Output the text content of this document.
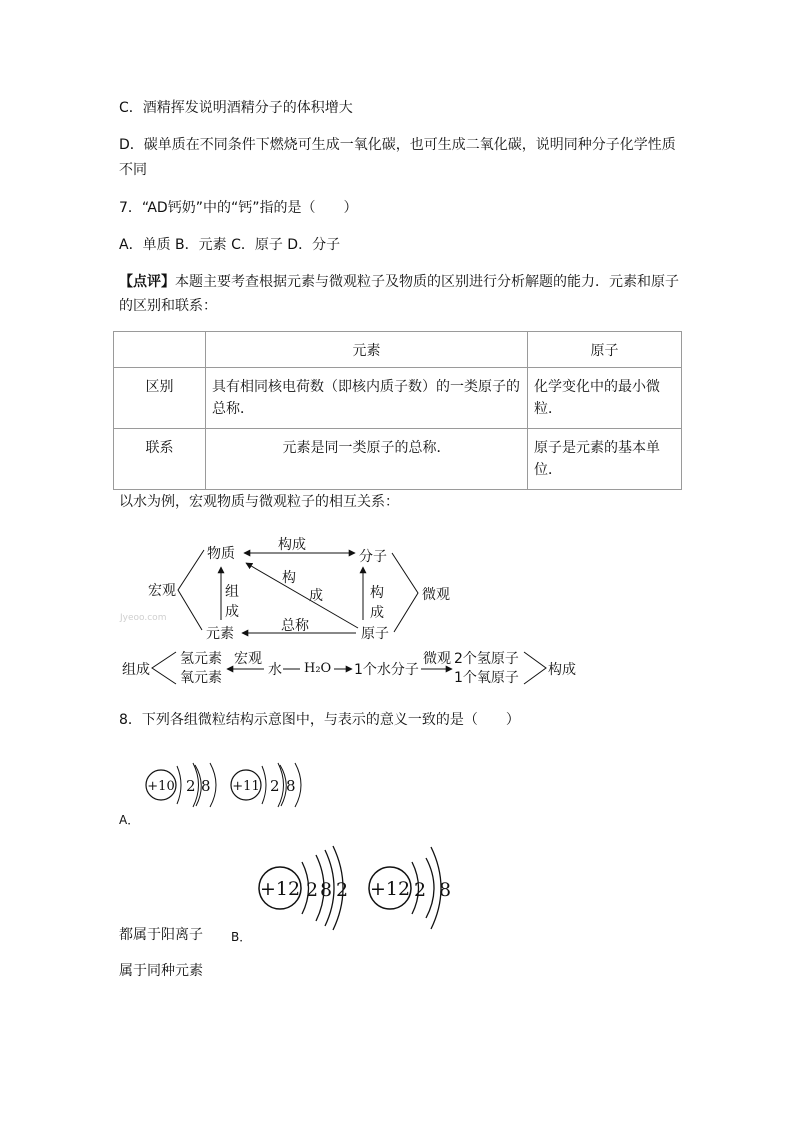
C．酒精挥发说明酒精分子的体积增大
D．碳单质在不同条件下燃烧可生成一氧化碳，也可生成二氧化碳，说明同种分子化学性质
不同
7．“AD钙奶”中的“钙”指的是（　　）
A．单质 B．元素 C．原子 D．分子
【点评】本题主要考查根据元素与微观粒子及物质的区别进行分析解题的能力．元素和原子
的区别和联系：
	元素	原子
区别	具有相同核电荷数（即核内质子数）的一类原子的总称．	化学变化中的最小微粒．
联系	元素是同一类原子的总称．	原子是元素的基本单位．
以水为例，宏观物质与微观粒子的相互关系：
物质	分子
元素	原子
宏观	微观
构成
构
成
组
成
构
成
总称
Jyeoo.com
组成
氢元素
氧元素
宏观
水 H₂O 1个水分子
微观 2个氢原子
1个氧原子 构成
8．下列各组微粒结构示意图中，与表示的意义一致的是（　　）
+10 2 8 +11 2 8
+12 2 8 2 +12 2 8
A．
都属于阳离子 B．
属于同种元素
